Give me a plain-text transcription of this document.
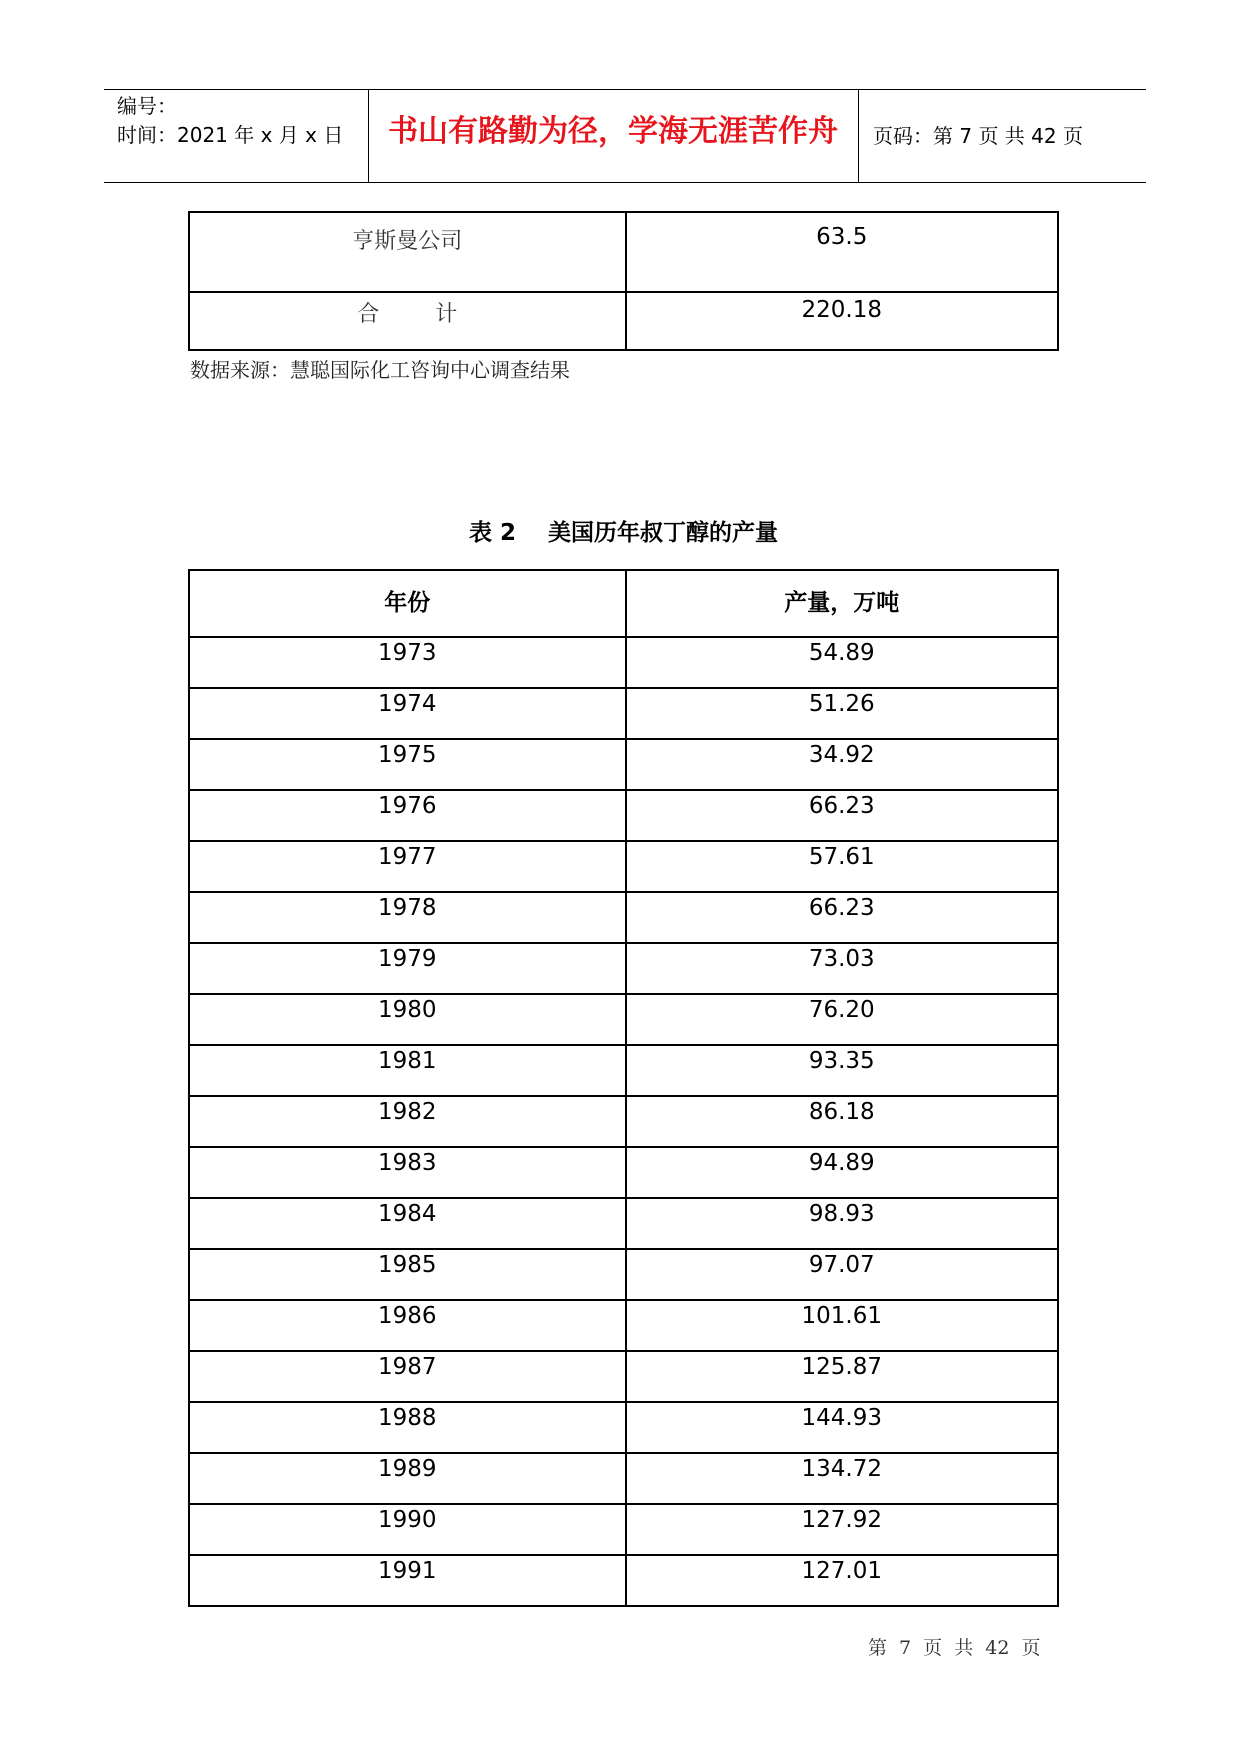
编号：
时间：2021 年 x 月 x 日	书山有路勤为径，学海无涯苦作舟	页码：第 7 页 共 42 页
亨斯曼公司	63.5
合        计	220.18
数据来源：慧聪国际化工咨询中心调查结果
表 2    美国历年叔丁醇的产量
年份	产量，万吨
1973	54.89
1974	51.26
1975	34.92
1976	66.23
1977	57.61
1978	66.23
1979	73.03
1980	76.20
1981	93.35
1982	86.18
1983	94.89
1984	98.93
1985	97.07
1986	101.61
1987	125.87
1988	144.93
1989	134.72
1990	127.92
1991	127.01
第 7 页 共 42 页
